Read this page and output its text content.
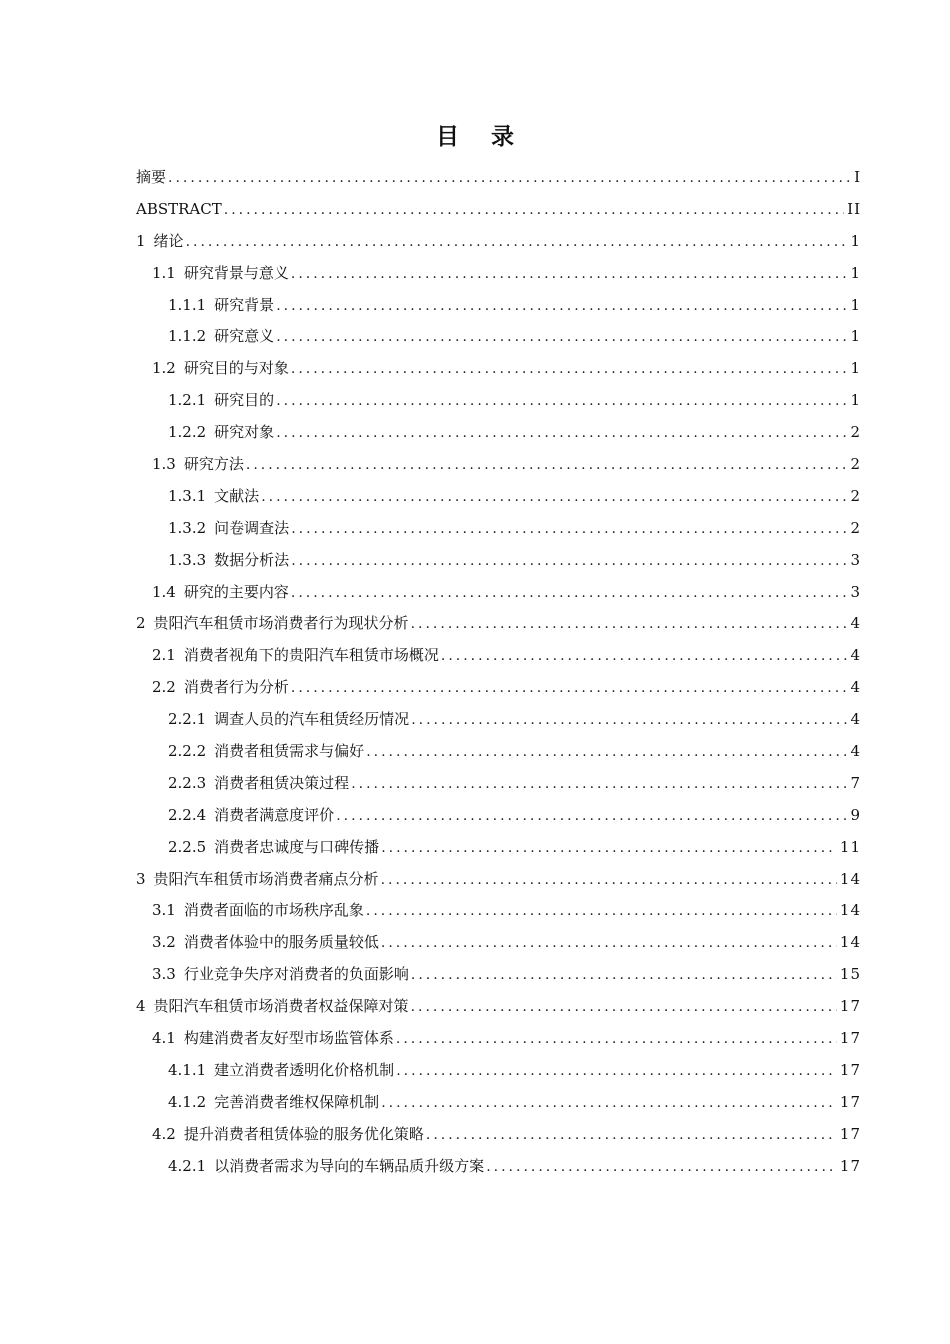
目 录
摘要 .....	I
ABSTRACT .....	II
1 绪论 .....	1
1.1 研究背景与意义 .....	1
1.1.1 研究背景 .....	1
1.1.2 研究意义 .....	1
1.2 研究目的与对象 .....	1
1.2.1 研究目的 .....	1
1.2.2 研究对象 .....	2
1.3 研究方法 .....	2
1.3.1 文献法 .....	2
1.3.2 问卷调查法 .....	2
1.3.3 数据分析法 .....	3
1.4 研究的主要内容 .....	3
2 贵阳汽车租赁市场消费者行为现状分析 .....	4
2.1 消费者视角下的贵阳汽车租赁市场概况 .....	4
2.2 消费者行为分析 .....	4
2.2.1 调查人员的汽车租赁经历情况 .....	4
2.2.2 消费者租赁需求与偏好 .....	4
2.2.3 消费者租赁决策过程 .....	7
2.2.4 消费者满意度评价 .....	9
2.2.5 消费者忠诚度与口碑传播 .....	11
3 贵阳汽车租赁市场消费者痛点分析 .....	14
3.1 消费者面临的市场秩序乱象 .....	14
3.2 消费者体验中的服务质量较低 .....	14
3.3 行业竞争失序对消费者的负面影响 .....	15
4 贵阳汽车租赁市场消费者权益保障对策 .....	17
4.1 构建消费者友好型市场监管体系 .....	17
4.1.1 建立消费者透明化价格机制 .....	17
4.1.2 完善消费者维权保障机制 .....	17
4.2 提升消费者租赁体验的服务优化策略 .....	17
4.2.1 以消费者需求为导向的车辆品质升级方案 .....	17
